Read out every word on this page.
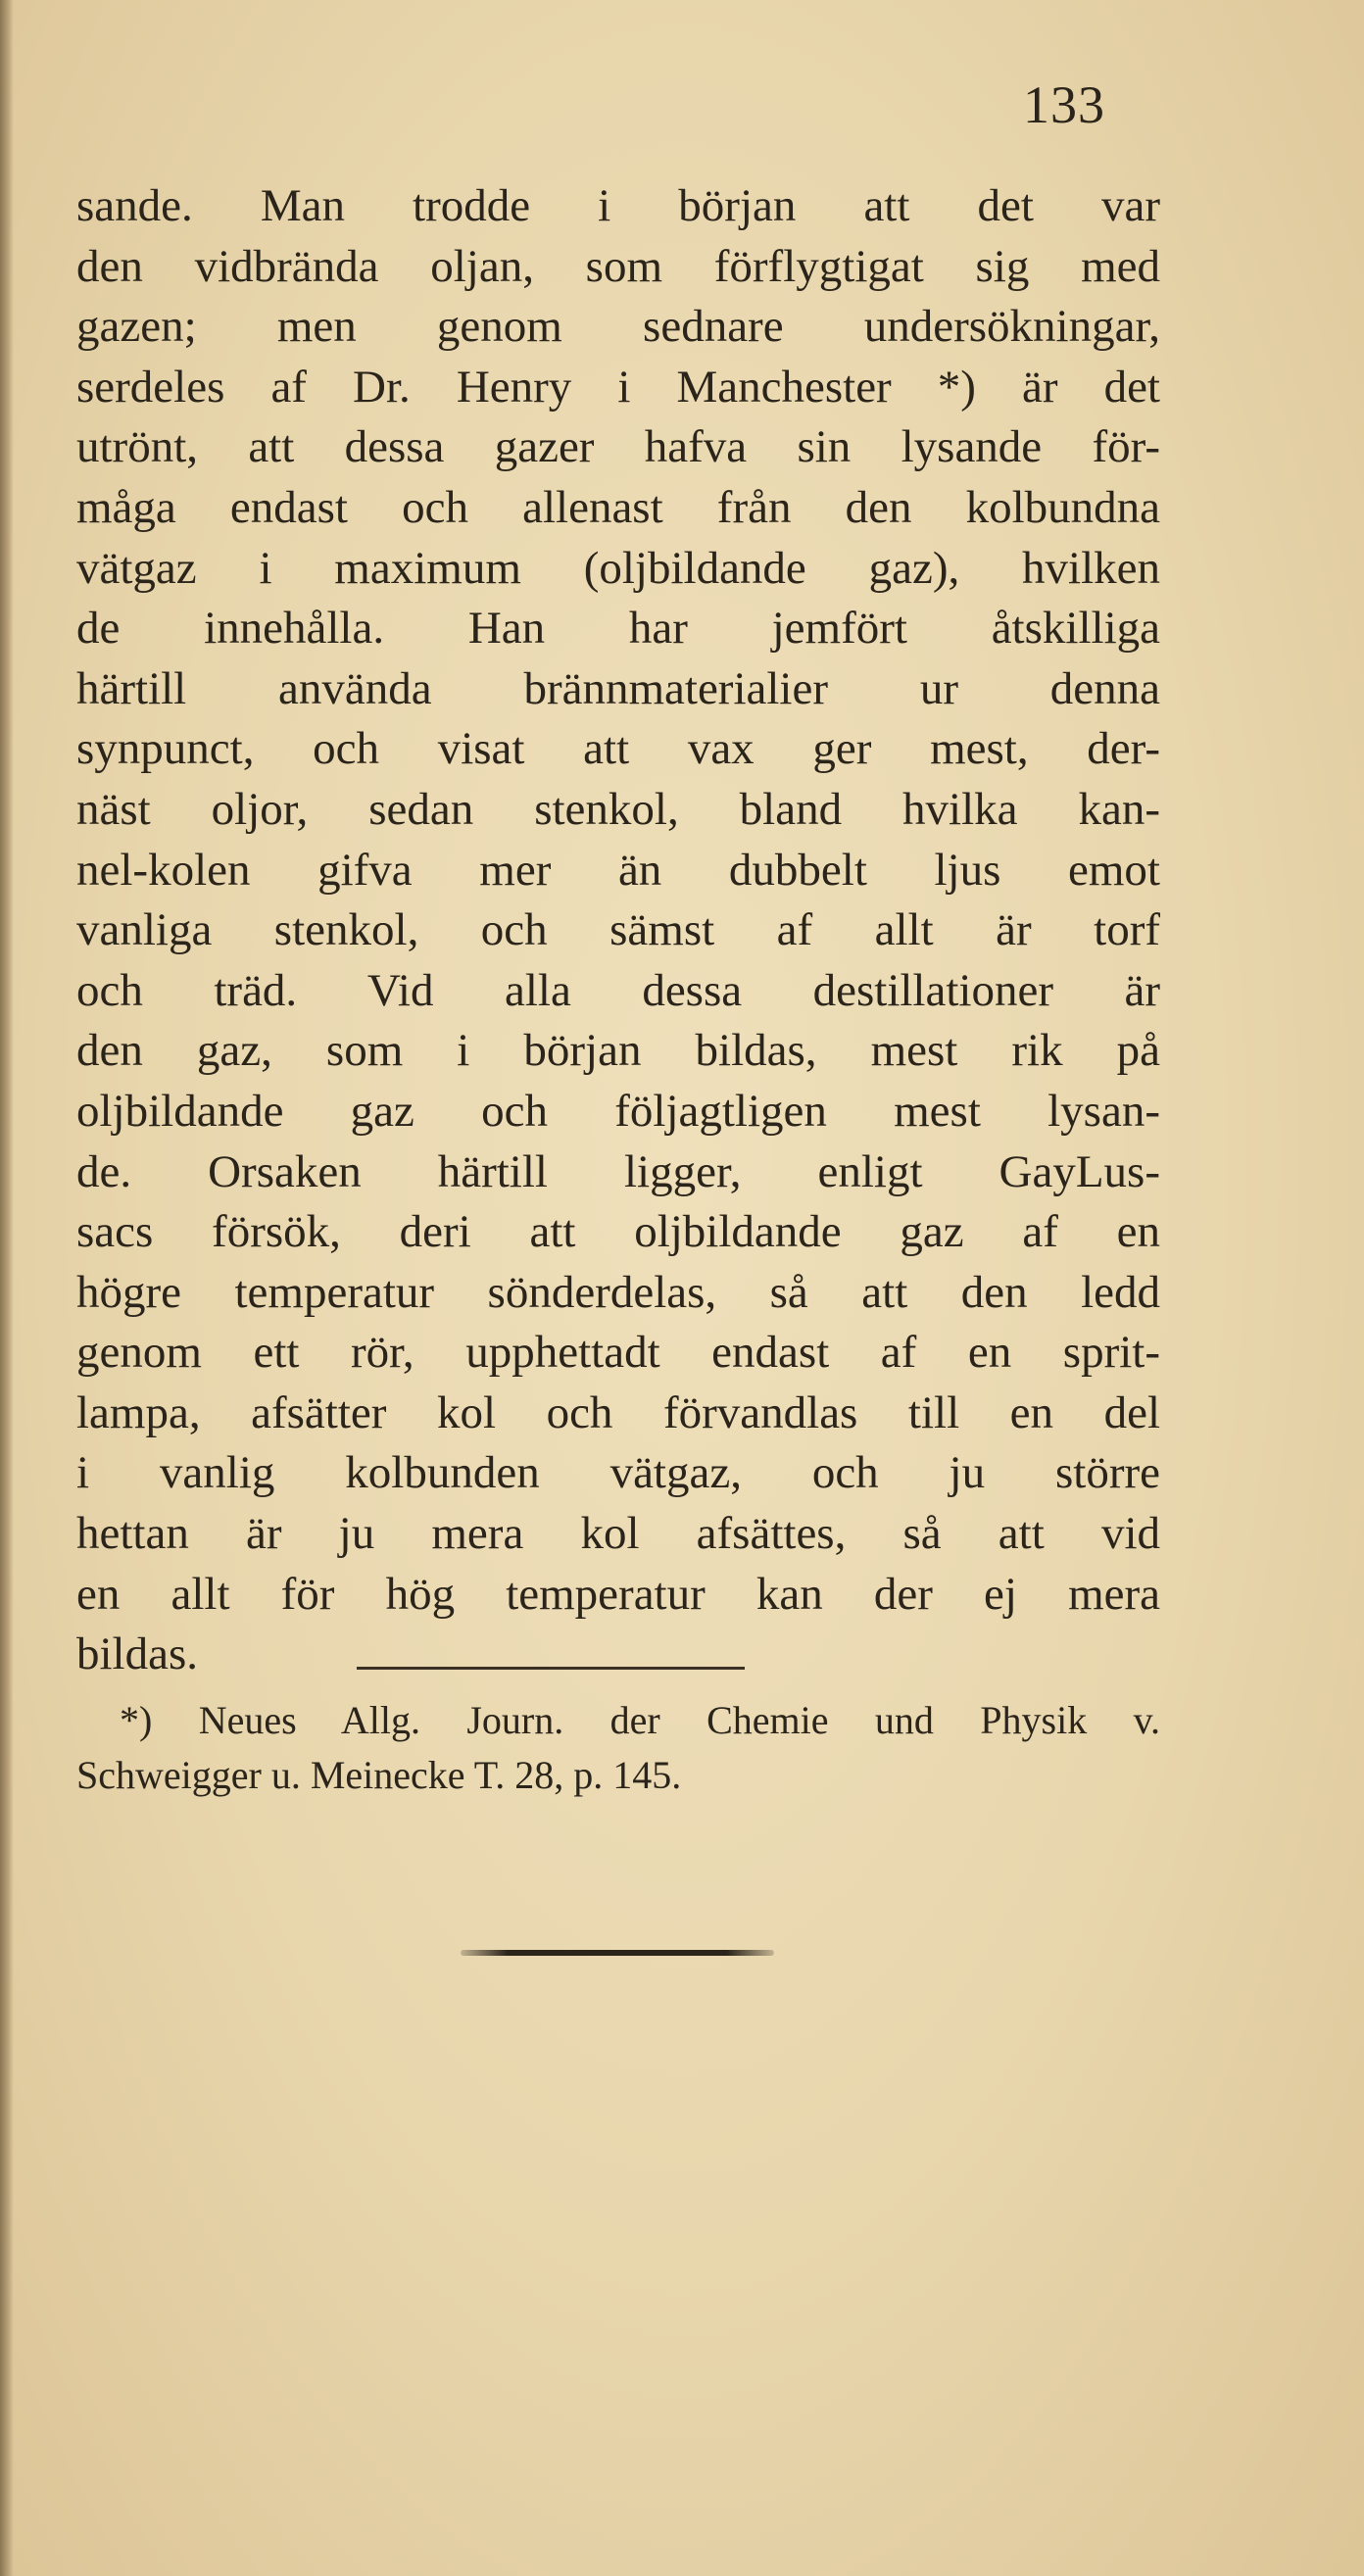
133
sande. Man trodde i början att det var
den vidbrända oljan, som förflygtigat sig med
gazen; men genom sednare undersökningar,
serdeles af Dr. Henry i Manchester *) är det
utrönt, att dessa gazer hafva sin lysande för-
måga endast och allenast från den kolbundna
vätgaz i maximum (oljbildande gaz), hvilken
de innehålla. Han har jemfört åtskilliga
härtill använda brännmaterialier ur denna
synpunct, och visat att vax ger mest, der-
näst oljor, sedan stenkol, bland hvilka kan-
nel-kolen gifva mer än dubbelt ljus emot
vanliga stenkol, och sämst af allt är torf
och träd. Vid alla dessa destillationer är
den gaz, som i början bildas, mest rik på
oljbildande gaz och följagtligen mest lysan-
de. Orsaken härtill ligger, enligt GayLus-
sacs försök, deri att oljbildande gaz af en
högre temperatur sönderdelas, så att den ledd
genom ett rör, upphettadt endast af en sprit-
lampa, afsätter kol och förvandlas till en del
i vanlig kolbunden vätgaz, och ju större
hettan är ju mera kol afsättes, så att vid
en allt för hög temperatur kan der ej mera
bildas.
*) Neues Allg. Journ. der Chemie und Physik v.
Schweigger u. Meinecke T. 28, p. 145.
